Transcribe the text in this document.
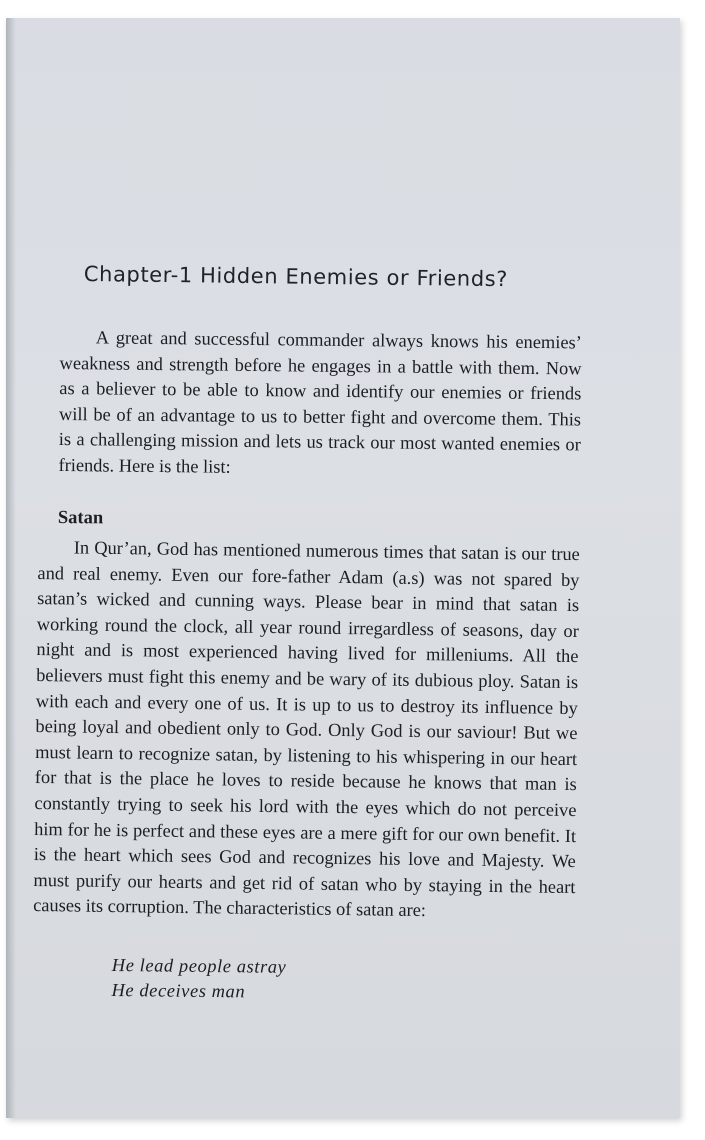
Chapter-1 Hidden Enemies or Friends?

A great and successful commander always knows his enemies’ weakness and strength before he engages in a battle with them. Now as a believer to be able to know and identify our enemies or friends will be of an advantage to us to better fight and overcome them. This is a challenging mission and lets us track our most wanted enemies or friends. Here is the list:

Satan

In Qur’an, God has mentioned numerous times that satan is our true and real enemy. Even our fore-father Adam (a.s) was not spared by satan’s wicked and cunning ways. Please bear in mind that satan is working round the clock, all year round irregardless of seasons, day or night and is most experienced having lived for milleniums. All the believers must fight this enemy and be wary of its dubious ploy. Satan is with each and every one of us. It is up to us to destroy its influence by being loyal and obedient only to God. Only God is our saviour! But we must learn to recognize satan, by listening to his whispering in our heart for that is the place he loves to reside because he knows that man is constantly trying to seek his lord with the eyes which do not perceive him for he is perfect and these eyes are a mere gift for our own benefit. It is the heart which sees God and recognizes his love and Majesty. We must purify our hearts and get rid of satan who by staying in the heart causes its corruption. The characteristics of satan are:

He lead people astray
He deceives man
